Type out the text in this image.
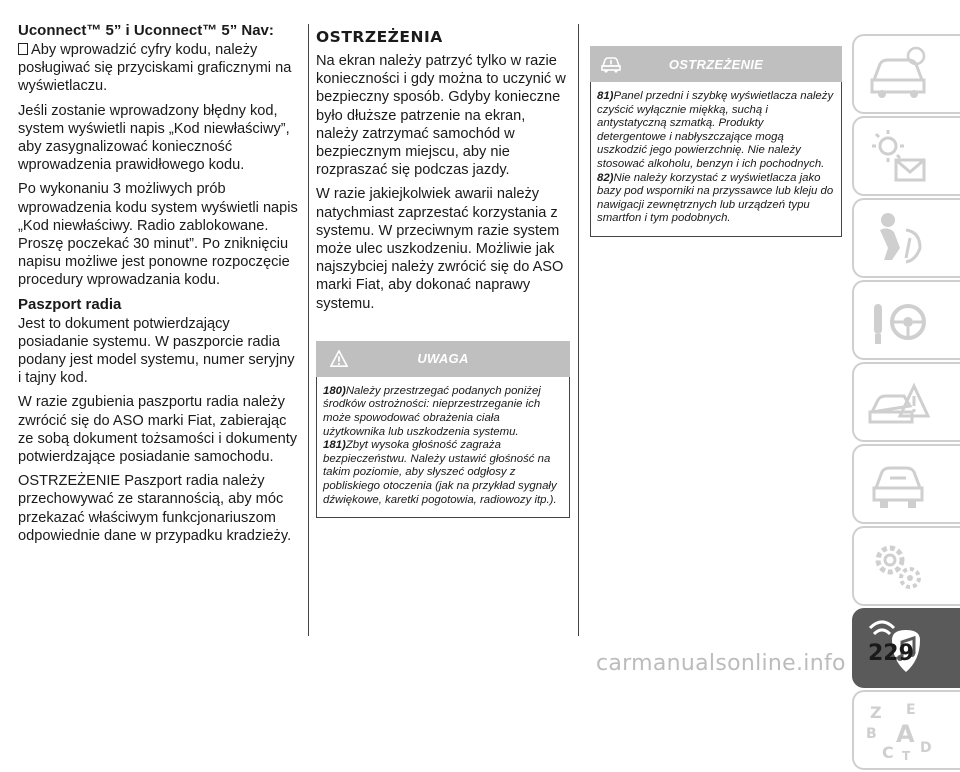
Uconnect™ 5” i Uconnect™ 5” Nav:

Aby wprowadzić cyfry kodu, należy posługiwać się przyciskami graficznymi na wyświetlaczu.

Jeśli zostanie wprowadzony błędny kod, system wyświetli napis „Kod niewłaściwy”, aby zasygnalizować konieczność wprowadzenia prawidłowego kodu.

Po wykonaniu 3 możliwych prób wprowadzenia kodu system wyświetli napis „Kod niewłaściwy. Radio zablokowane. Proszę poczekać 30 minut”. Po zniknięciu napisu możliwe jest ponowne rozpoczęcie procedury wprowadzania kodu.

Paszport radia

Jest to dokument potwierdzający posiadanie systemu. W paszporcie radia podany jest model systemu, numer seryjny i tajny kod.

W razie zgubienia paszportu radia należy zwrócić się do ASO marki Fiat, zabierając ze sobą dokument tożsamości i dokumenty potwierdzające posiadanie samochodu.

OSTRZEŻENIE Paszport radia należy przechowywać ze starannością, aby móc przekazać właściwym funkcjonariuszom odpowiednie dane w przypadku kradzieży.

OSTRZEŻENIA

Na ekran należy patrzyć tylko w razie konieczności i gdy można to uczynić w bezpieczny sposób. Gdyby konieczne było dłuższe patrzenie na ekran, należy zatrzymać samochód w bezpiecznym miejscu, aby nie rozpraszać się podczas jazdy.

W razie jakiejkolwiek awarii należy natychmiast zaprzestać korzystania z systemu. W przeciwnym razie system może ulec uszkodzeniu. Możliwie jak najszybciej należy zwrócić się do ASO marki Fiat, aby dokonać naprawy systemu.

UWAGA

180)Należy przestrzegać podanych poniżej środków ostrożności: nieprzestrzeganie ich może spowodować obrażenia ciała użytkownika lub uszkodzenia systemu.

181)Zbyt wysoka głośność zagraża bezpieczeństwu. Należy ustawić głośność na takim poziomie, aby słyszeć odgłosy z pobliskiego otoczenia (jak na przykład sygnały dźwiękowe, karetki pogotowia, radiowozy itp.).

OSTRZEŻENIE

81)Panel przedni i szybkę wyświetlacza należy czyścić wyłącznie miękką, suchą i antystatyczną szmatką. Produkty detergentowe i nabłyszczające mogą uszkodzić jego powierzchnię. Nie należy stosować alkoholu, benzyn i ich pochodnych.

82)Nie należy korzystać z wyświetlacza jako bazy pod wsporniki na przyssawce lub kleju do nawigacji zewnętrznych lub urządzeń typu smartfon i tym podobnych.

Z E
B A
C T D
229
carmanualsonline.info
